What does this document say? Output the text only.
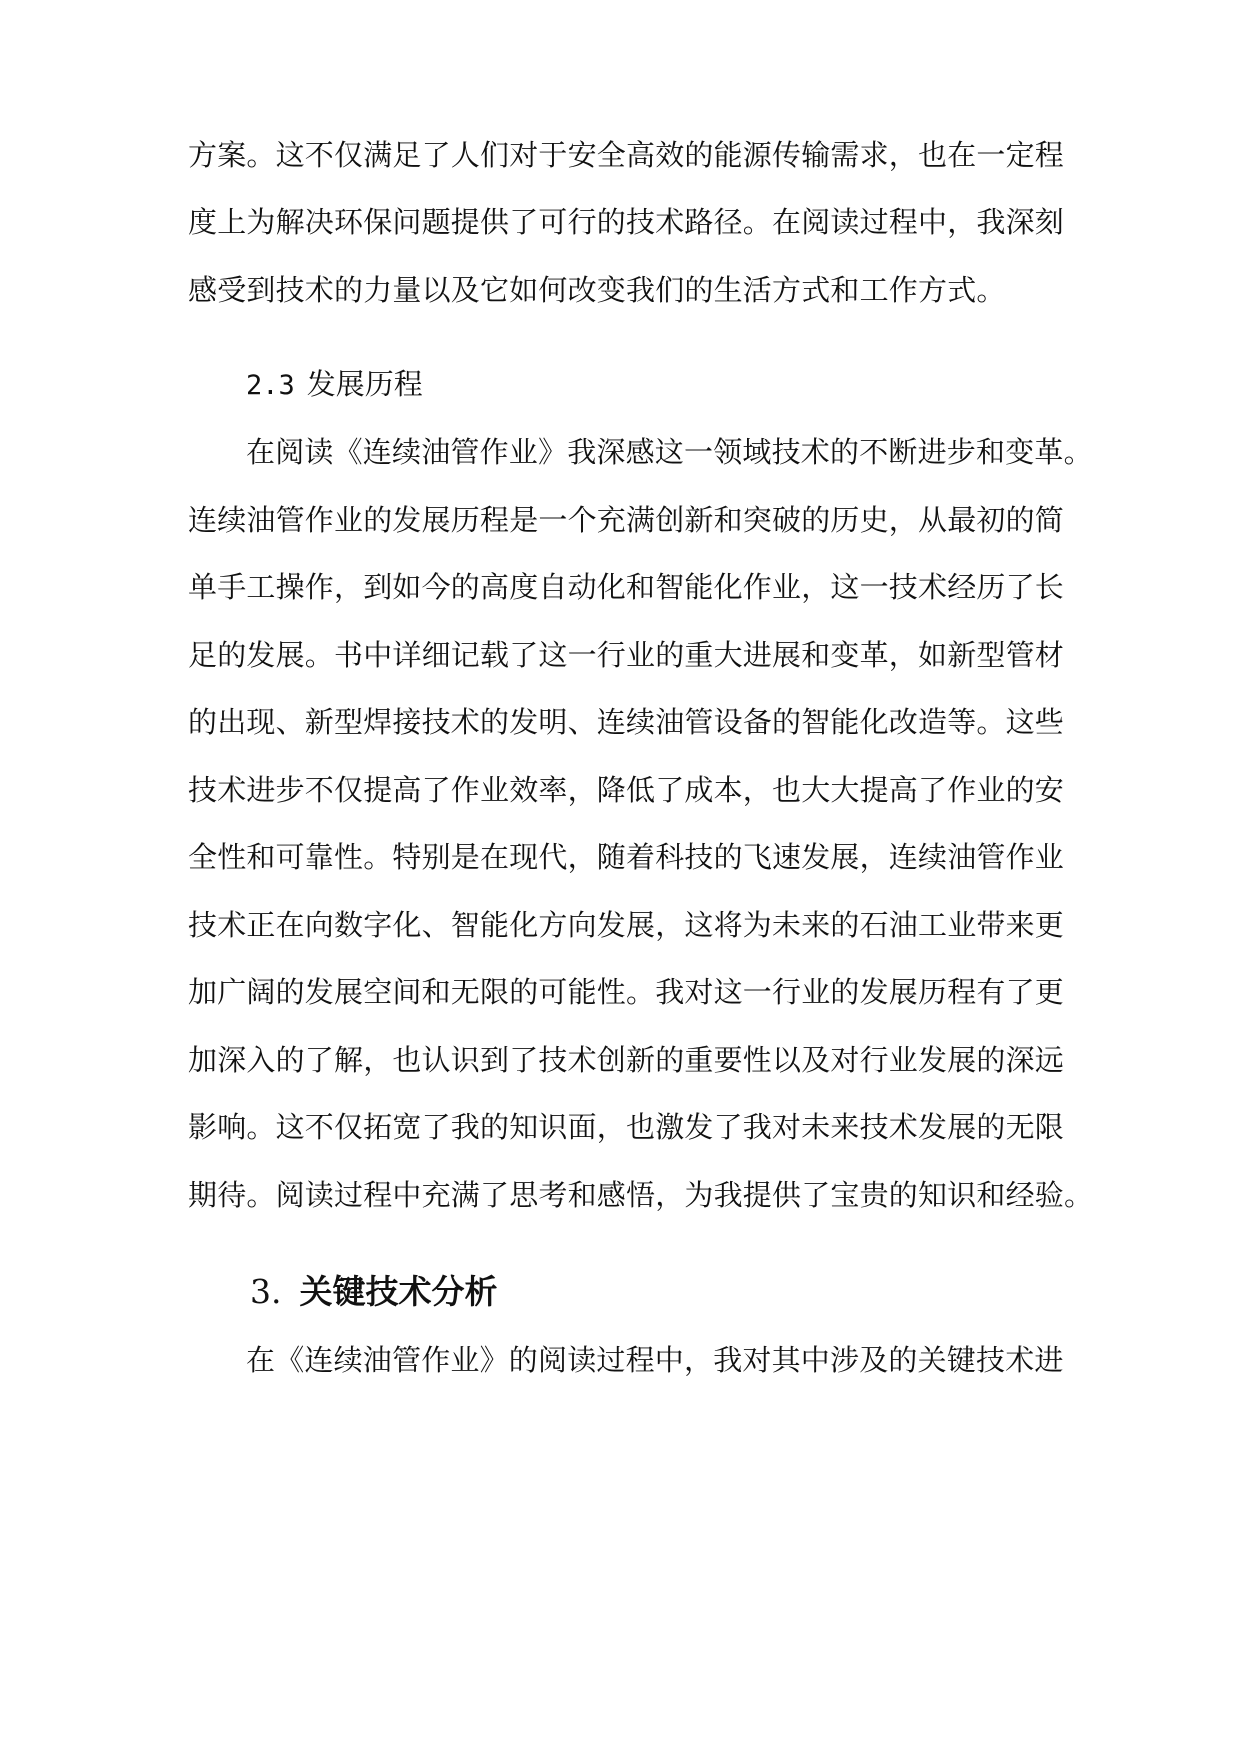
方案。这不仅满足了人们对于安全高效的能源传输需求，也在一定程
度上为解决环保问题提供了可行的技术路径。在阅读过程中，我深刻
感受到技术的力量以及它如何改变我们的生活方式和工作方式。
2.3 发展历程
在阅读《连续油管作业》我深感这一领域技术的不断进步和变革。
连续油管作业的发展历程是一个充满创新和突破的历史，从最初的简
单手工操作，到如今的高度自动化和智能化作业，这一技术经历了长
足的发展。书中详细记载了这一行业的重大进展和变革，如新型管材
的出现、新型焊接技术的发明、连续油管设备的智能化改造等。这些
技术进步不仅提高了作业效率，降低了成本，也大大提高了作业的安
全性和可靠性。特别是在现代，随着科技的飞速发展，连续油管作业
技术正在向数字化、智能化方向发展，这将为未来的石油工业带来更
加广阔的发展空间和无限的可能性。我对这一行业的发展历程有了更
加深入的了解，也认识到了技术创新的重要性以及对行业发展的深远
影响。这不仅拓宽了我的知识面，也激发了我对未来技术发展的无限
期待。阅读过程中充满了思考和感悟，为我提供了宝贵的知识和经验。
3. 关键技术分析
在《连续油管作业》的阅读过程中，我对其中涉及的关键技术进
